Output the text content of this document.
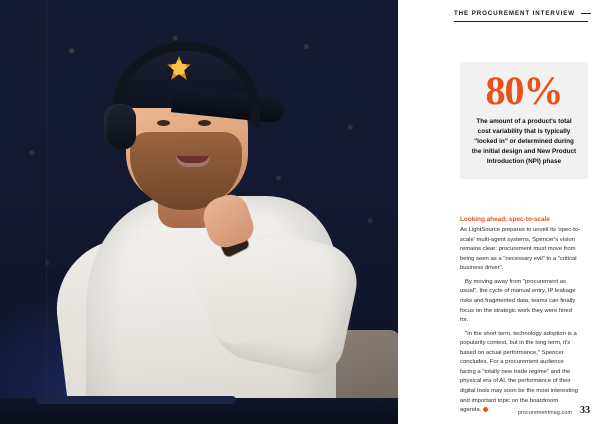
THE PROCUREMENT INTERVIEW
80%
The amount of a product's total cost variability that is typically "locked in" or determined during the initial design and New Product Introduction (NPI) phase
Looking ahead: spec-to-scale

As LightSource prepares to unveil its 'spec-to-scale' multi-agent systems, Spencer's vision remains clear: procurement must move from being seen as a "necessary evil" to a "critical business driver".

By moving away from "procurement as usual", the cycle of manual entry, IP leakage risks and fragmented data, teams can finally focus on the strategic work they were hired for.

"In the short term, technology adoption is a popularity contest, but in the long term, it's based on actual performance," Spencer concludes. For a procurement audience facing a "totally new trade regime" and the physical era of AI, the performance of their digital tools may soon be the most interesting and important topic on the boardroom agenda.	procurementmag.com 33
